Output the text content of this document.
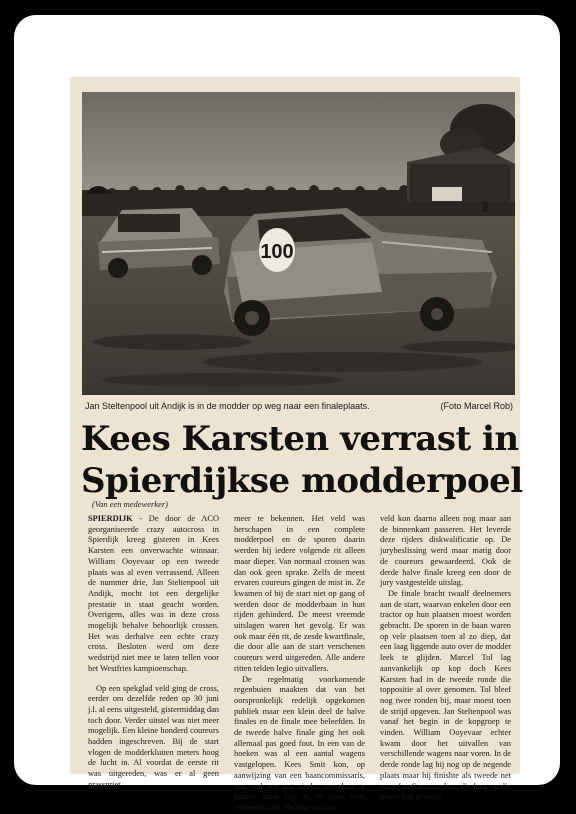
100
Jan Steltenpool uit Andijk is in de modder op weg naar een finaleplaats.	(Foto Marcel Rob)
Kees Karsten verrast in
Spierdijkse modderpoel
(Van een medewerker)

SPIERDIJK - De door de ACO georganiseerde crazy autocross in Spierdijk kreeg gisteren in Kees Karsten een onverwachte winnaar. William Ooyevaar op een tweede plaats was al even verrassend. Alleen de nummer drie, Jan Steltenpool uit Andijk, mocht tot een dergelijke prestatie in staat geacht worden. Overigens, alles was in deze cross mogelijk behalve behoorlijk crossen. Het was derhalve een echte crazy cross. Besloten werd om deze wedstrijd niet mee te laten tellen voor het Westfries kampioenschap.

Op een spekglad veld ging de cross, eerder om dezelfde reden op 30 juni j.l. al eens uitgesteld, gistermiddag dan toch door. Verder uitstel was niet meer mogelijk. Een kleine honderd coureurs hadden ingeschreven. Bij de start vlogen de modderkluiten meters hoog de lucht in. Al voordat de eerste rit was uitgereden, was er al geen grasspriet

meer te bekennen. Het veld was herschapen in een complete modderpoel en de sporen daarin werden bij iedere volgende rit alleen maar dieper. Van normaal crossen was dan ook geen sprake. Zelfs de meest ervaren coureurs gingen de mist in. Ze kwamen of bij de start niet op gang of werden door de modderbaan in hun rijden gehinderd. De meest vreemde uitslagen waren het gevolg. Er was ook maar één rit, de zesde kwartfinale, die door alle aan de start verschenen coureurs werd uitgereden. Alle andere ritten telden legio uitvallers.

De regelmatig voorkomende regenbuien maakten dat van het oorspronkelijk redelijk opgekomen publiek maar een klein deel de halve finales en de finale mee beleefden. In de tweede halve finale ging het ook allemaal pas goed fout. In een van de hoeken was al een aantal wagens vastgelopen. Kees Smit kon, op aanwijzing van een baancommissaris, nog wel een gat vinden om door te komen maar liep in de hoek toen eveneens vast. De rest van het

veld kon daarna alleen nog maar aan de binnenkant passeren. Het leverde deze rijders diskwalificatie op. De jurybeslissing werd maar matig door de coureurs gewaardeerd. Ook de derde halve finale kreeg een door de jury vastgestelde uitslag.

De finale bracht twaalf deelnemers aan de start, waarvan enkelen door een tractor op hun plaatsen moest worden gebracht. De sporen in de baan waren op vele plaatsen toen al zo diep, dat een laag liggende auto over de modder leek te glijden. Marcel Tol lag aanvankelijk op kop doch Kees Karsten had in de tweede ronde die toppositie al over genomen. Tol bleef nog twee ronden bij, maar moest toen de strijd opgeven. Jan Steltenpool was vanaf het begin in de kopgroep te vinden. William Ooyevaar echter kwam door het uitvallen van verschillende wagens naar voren. In de derde ronde lag hij nog op de negende plaats maar hij finishte als tweede net voor Jan Commandeur, die lang op die plaats had gereden.
